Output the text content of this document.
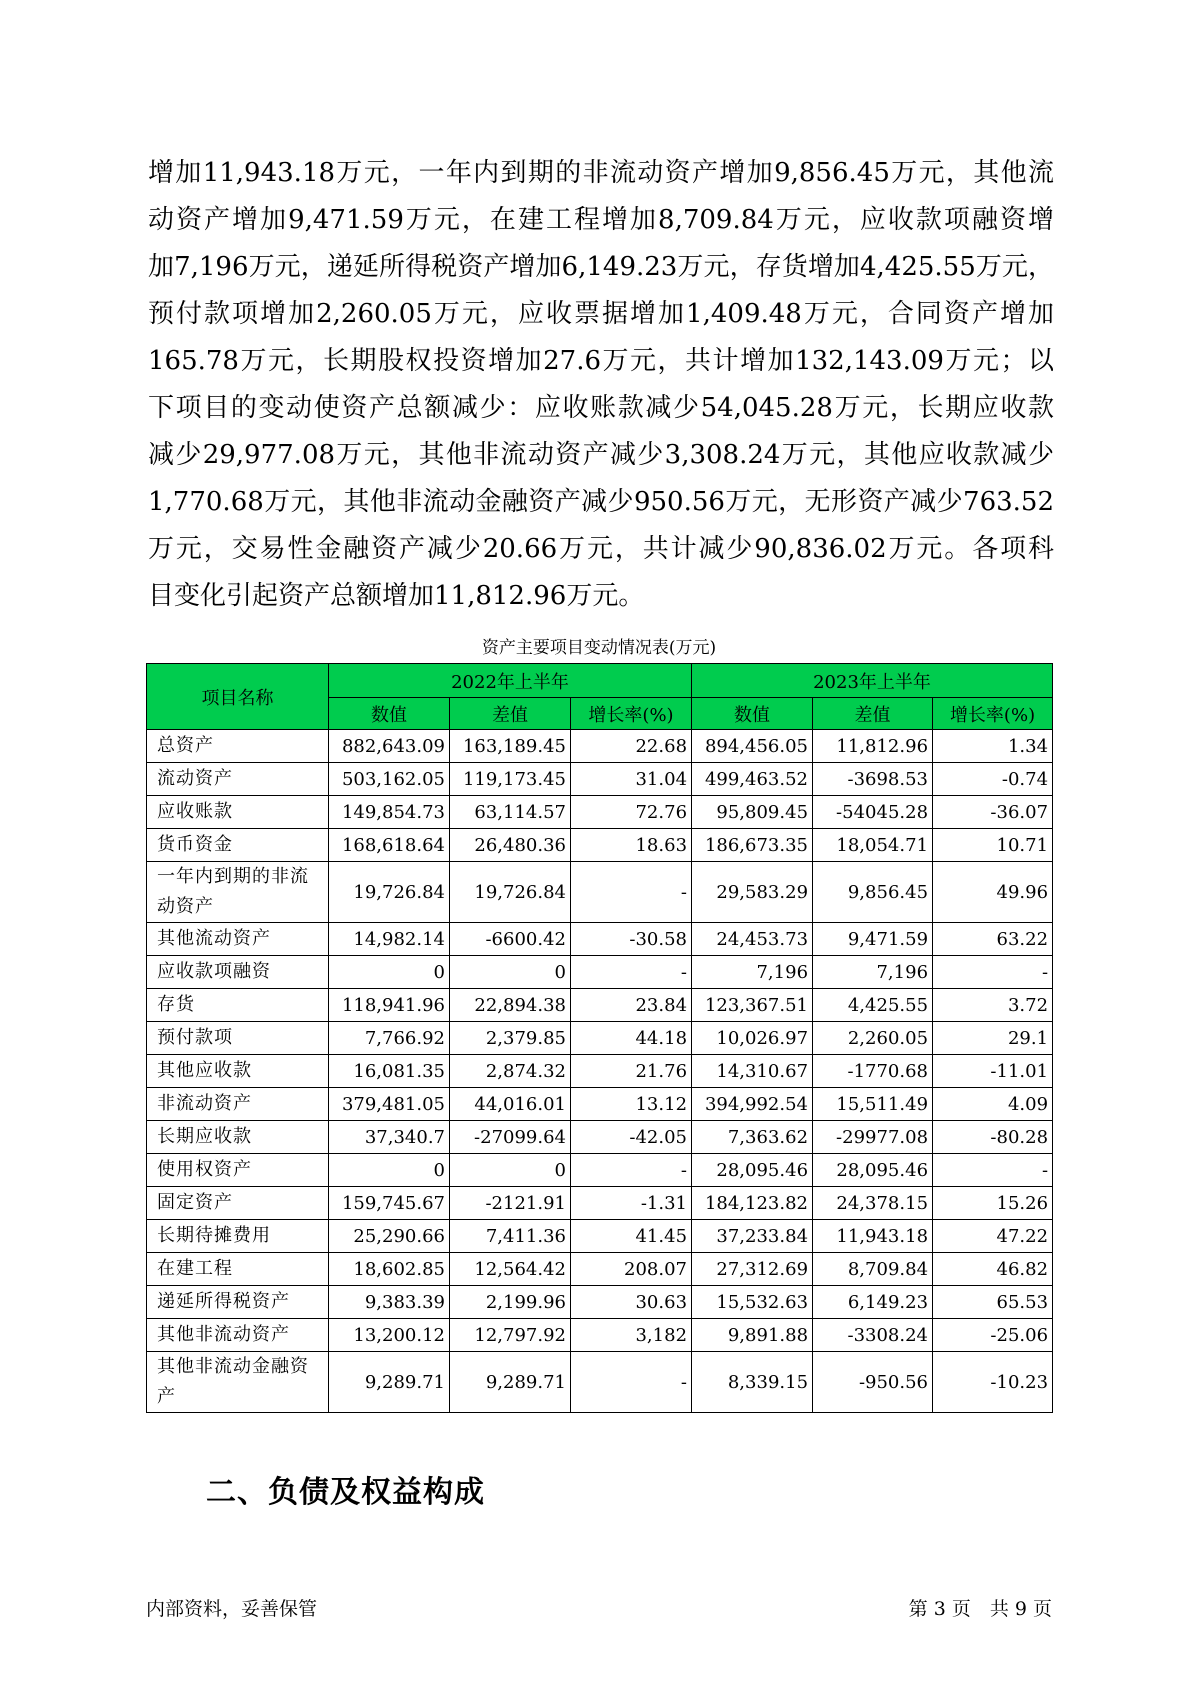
增加11,943.18万元，一年内到期的非流动资产增加9,856.45万元，其他流
动资产增加9,471.59万元，在建工程增加8,709.84万元，应收款项融资增
加7,196万元，递延所得税资产增加6,149.23万元，存货增加4,425.55万元，
预付款项增加2,260.05万元，应收票据增加1,409.48万元，合同资产增加
165.78万元，长期股权投资增加27.6万元，共计增加132,143.09万元；以
下项目的变动使资产总额减少：应收账款减少54,045.28万元，长期应收款
减少29,977.08万元，其他非流动资产减少3,308.24万元，其他应收款减少
1,770.68万元，其他非流动金融资产减少950.56万元，无形资产减少763.52
万元，交易性金融资产减少20.66万元，共计减少90,836.02万元。各项科
目变化引起资产总额增加11,812.96万元。
资产主要项目变动情况表(万元)
项目名称	2022年上半年			2023年上半年		
	数值	差值	增长率(%)	数值	差值	增长率(%)
总资产	882,643.09	163,189.45	22.68	894,456.05	11,812.96	1.34
流动资产	503,162.05	119,173.45	31.04	499,463.52	-3698.53	-0.74
应收账款	149,854.73	63,114.57	72.76	95,809.45	-54045.28	-36.07
货币资金	168,618.64	26,480.36	18.63	186,673.35	18,054.71	10.71
一年内到期的非流动资产	19,726.84	19,726.84	-	29,583.29	9,856.45	49.96
其他流动资产	14,982.14	-6600.42	-30.58	24,453.73	9,471.59	63.22
应收款项融资	0	0	-	7,196	7,196	-
存货	118,941.96	22,894.38	23.84	123,367.51	4,425.55	3.72
预付款项	7,766.92	2,379.85	44.18	10,026.97	2,260.05	29.1
其他应收款	16,081.35	2,874.32	21.76	14,310.67	-1770.68	-11.01
非流动资产	379,481.05	44,016.01	13.12	394,992.54	15,511.49	4.09
长期应收款	37,340.7	-27099.64	-42.05	7,363.62	-29977.08	-80.28
使用权资产	0	0	-	28,095.46	28,095.46	-
固定资产	159,745.67	-2121.91	-1.31	184,123.82	24,378.15	15.26
长期待摊费用	25,290.66	7,411.36	41.45	37,233.84	11,943.18	47.22
在建工程	18,602.85	12,564.42	208.07	27,312.69	8,709.84	46.82
递延所得税资产	9,383.39	2,199.96	30.63	15,532.63	6,149.23	65.53
其他非流动资产	13,200.12	12,797.92	3,182	9,891.88	-3308.24	-25.06
其他非流动金融资产	9,289.71	9,289.71	-	8,339.15	-950.56	-10.23
二、负债及权益构成
内部资料，妥善保管	第 3 页　共 9 页
